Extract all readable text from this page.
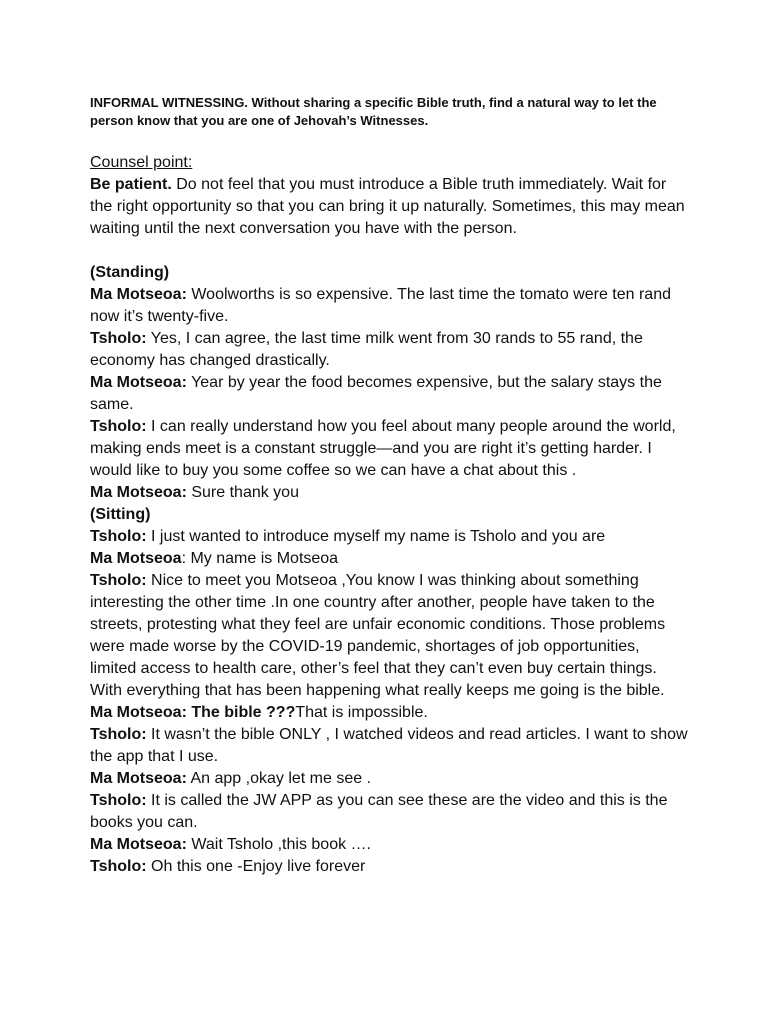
INFORMAL WITNESSING. Without sharing a specific Bible truth, find a natural way to let the person know that you are one of Jehovah’s Witnesses.

Counsel point:

Be patient. Do not feel that you must introduce a Bible truth immediately. Wait for the right opportunity so that you can bring it up naturally. Sometimes, this may mean waiting until the next conversation you have with the person.

(Standing)

Ma Motseoa: Woolworths is so expensive. The last time the tomato were ten rand now it’s twenty-five.

Tsholo: Yes, I can agree, the last time milk went from 30 rands to 55 rand, the economy has changed drastically.

Ma Motseoa: Year by year the food becomes expensive, but the salary stays the same.

Tsholo: I can really understand how you feel about many people around the world, making ends meet is a constant struggle—and you are right it’s getting harder. I would like to buy you some coffee so we can have a chat about this .

Ma Motseoa: Sure thank you

(Sitting)

Tsholo: I just wanted to introduce myself my name is Tsholo and you are

Ma Motseoa: My name is Motseoa

Tsholo: Nice to meet you Motseoa ,You know I was thinking about something interesting the other time .In one country after another, people have taken to the streets, protesting what they feel are unfair economic conditions. Those problems were made worse by the COVID-19 pandemic, shortages of job opportunities, limited access to health care, other’s feel that they can’t even buy certain things. With everything that has been happening what really keeps me going is the bible.

Ma Motseoa: The bible ???That is impossible.

Tsholo: It wasn’t the bible ONLY , I watched videos and read articles. I want to show the app that I use.

Ma Motseoa: An app ,okay let me see .

Tsholo: It is called the JW APP as you can see these are the video and this is the books you can.

Ma Motseoa: Wait Tsholo ,this book ….

Tsholo: Oh this one -Enjoy live forever
